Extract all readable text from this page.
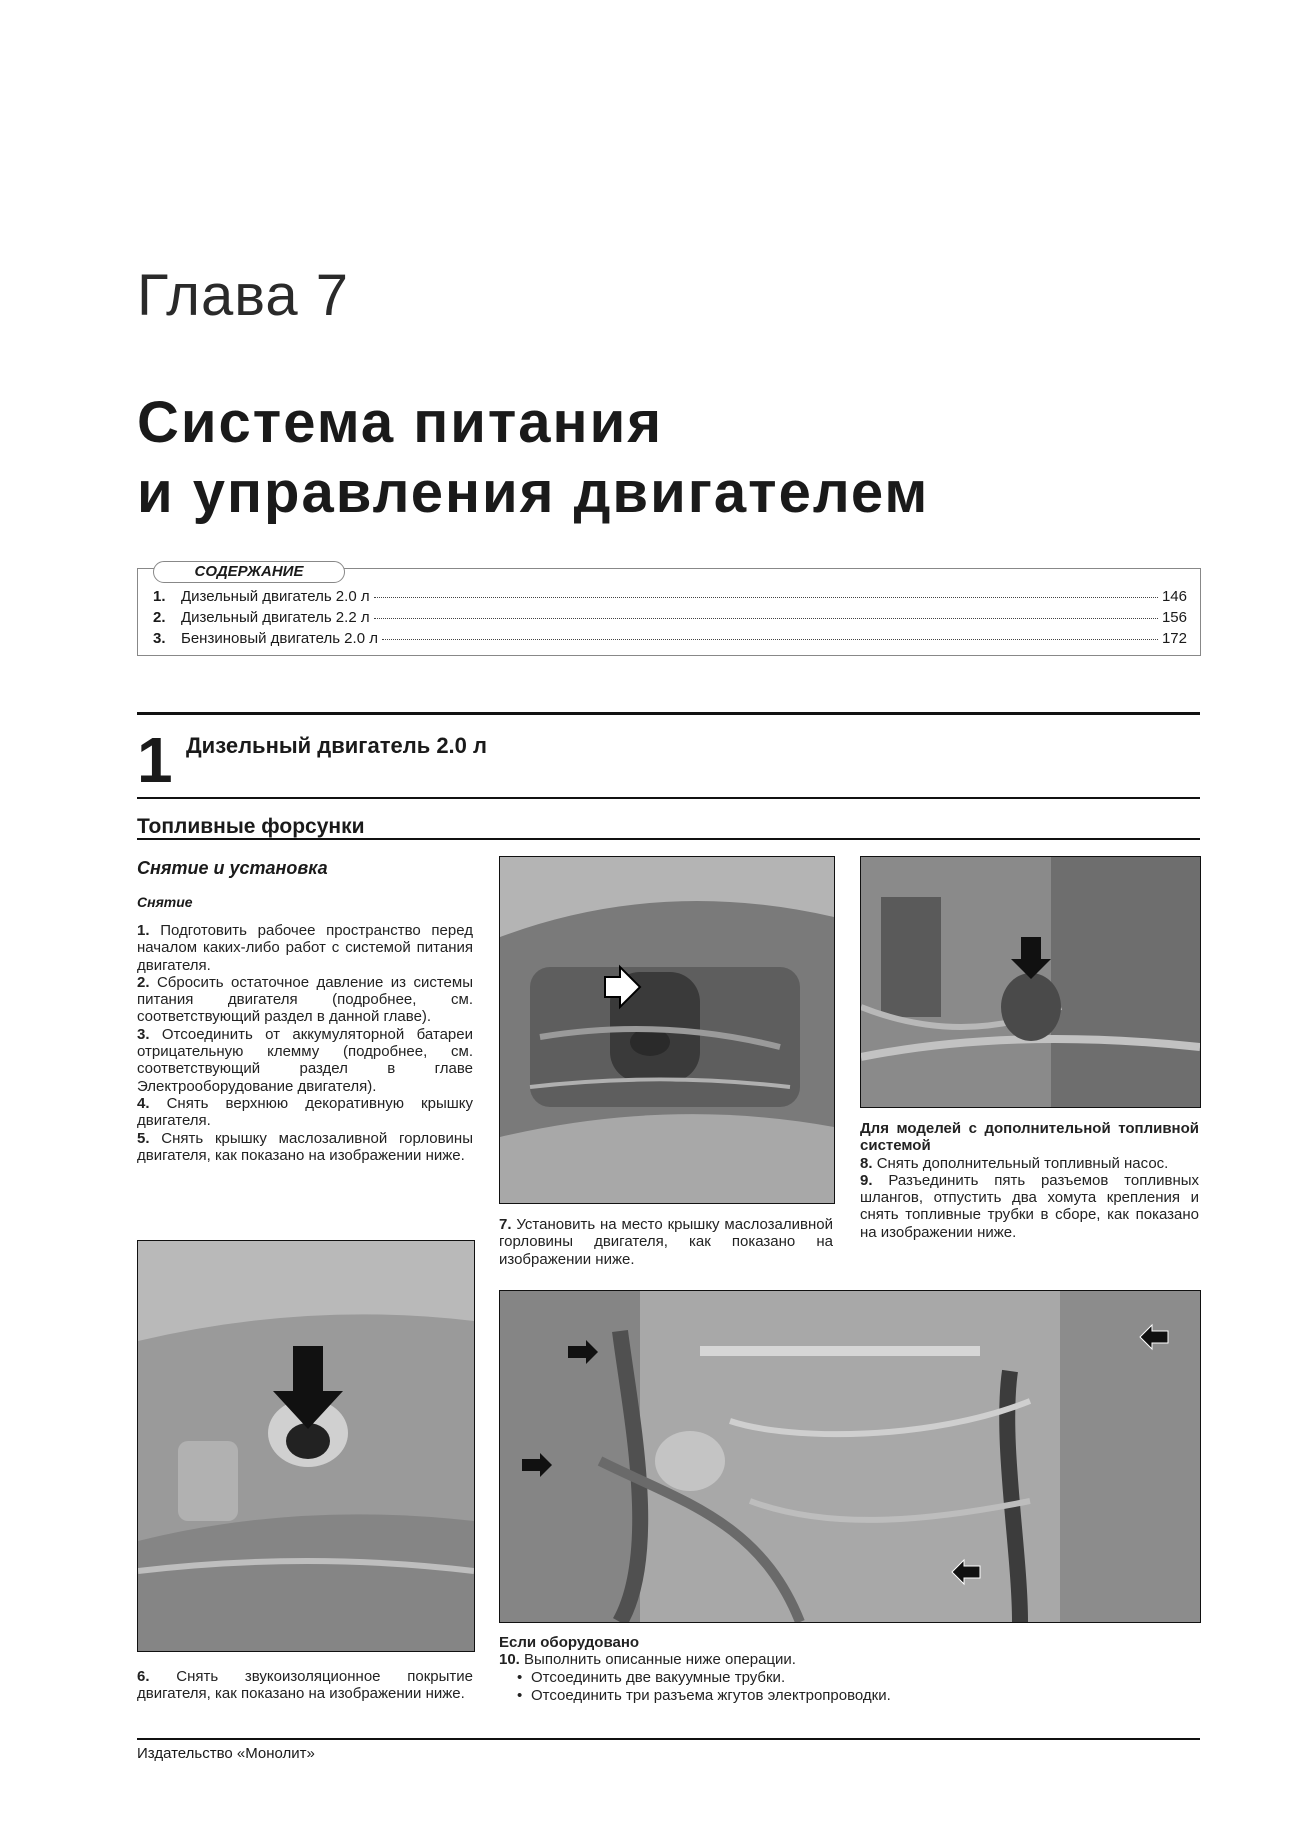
Глава 7
Система питания
и управления двигателем
СОДЕРЖАНИЕ
1.	Дизельный двигатель 2.0 л	146
2.	Дизельный двигатель 2.2 л	156
3.	Бензиновый двигатель 2.0 л	172
1 Дизельный двигатель 2.0 л
Топливные форсунки
Снятие и установка
Снятие
1. Подготовить рабочее пространство перед началом каких-либо работ с системой питания двигателя.
2. Сбросить остаточное давление из системы питания двигателя (подробнее, см. соответствующий раздел в данной главе).
3. Отсоединить от аккумуляторной батареи отрицательную клемму (подробнее, см. соответствующий раздел в главе Электрооборудование двигателя).
4. Снять верхнюю декоративную крышку двигателя.
5. Снять крышку маслозаливной горловины двигателя, как показано на изображении ниже.
Для моделей с дополнительной топливной системой
8. Снять дополнительный топливный насос.
9. Разъединить пять разъемов топливных шлангов, отпустить два хомута крепления и снять топливные трубки в сборе, как показано на изображении ниже.
7. Установить на место крышку маслозаливной горловины двигателя, как показано на изображении ниже.
6. Снять звукоизоляционное покрытие двигателя, как показано на изображении ниже.
Если оборудовано
10. Выполнить описанные ниже операции.
• Отсоединить две вакуумные трубки.
• Отсоединить три разъема жгутов электропроводки.
Издательство «Монолит»
